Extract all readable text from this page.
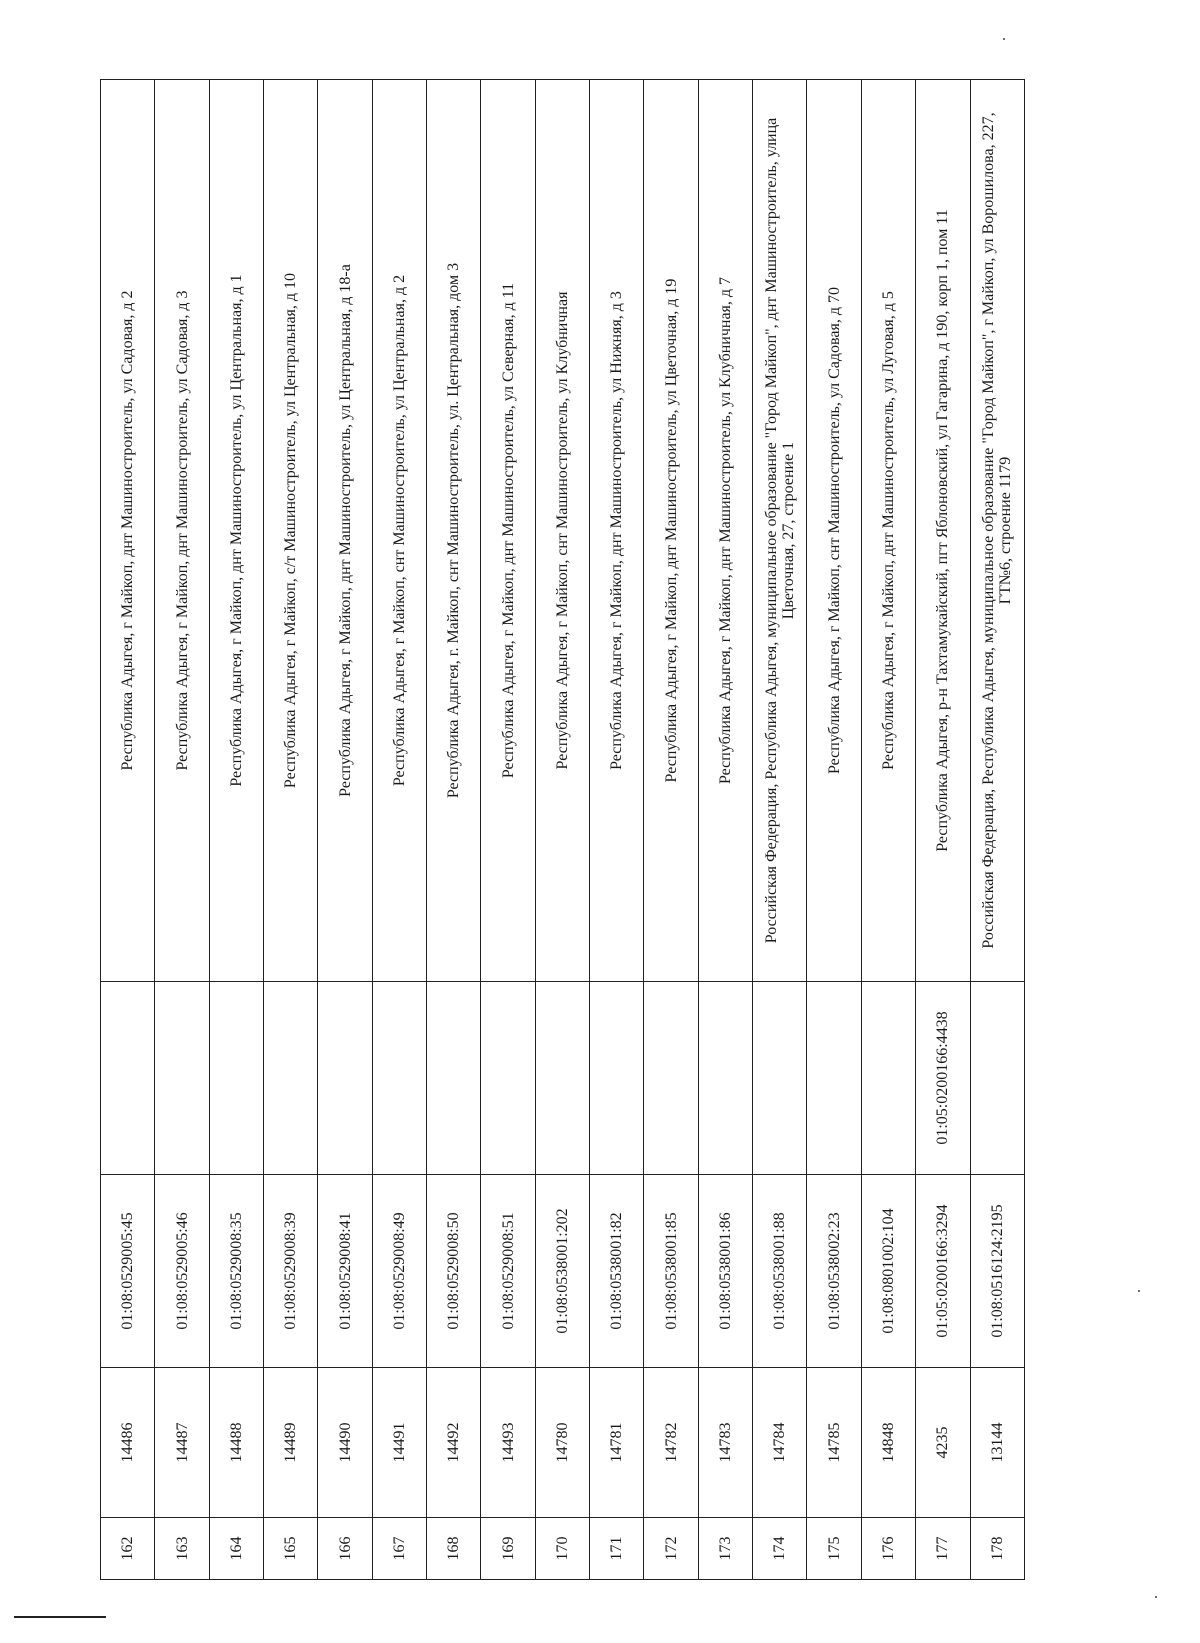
162	14486	01:08:0529005:45		Республика Адыгея, г Майкоп, днт Машиностроитель, ул Садовая, д 2
163	14487	01:08:0529005:46		Республика Адыгея, г Майкоп, днт Машиностроитель, ул Садовая, д 3
164	14488	01:08:0529008:35		Республика Адыгея, г Майкоп, днт Машиностроитель, ул Центральная, д 1
165	14489	01:08:0529008:39		Республика Адыгея, г Майкоп, с/т Машиностроитель, ул Центральная, д 10
166	14490	01:08:0529008:41		Республика Адыгея, г Майкоп, днт Машиностроитель, ул Центральная, д 18-а
167	14491	01:08:0529008:49		Республика Адыгея, г Майкоп, снт Машиностроитель, ул Центральная, д 2
168	14492	01:08:0529008:50		Республика Адыгея, г. Майкоп, снт Машиностроитель, ул. Центральная, дом 3
169	14493	01:08:0529008:51		Республика Адыгея, г Майкоп, днт Машиностроитель, ул Северная, д 11
170	14780	01:08:0538001:202		Республика Адыгея, г Майкоп, снт Машиностроитель, ул Клубничная
171	14781	01:08:0538001:82		Республика Адыгея, г Майкоп, днт Машиностроитель, ул Нижняя, д 3
172	14782	01:08:0538001:85		Республика Адыгея, г Майкоп, днт Машиностроитель, ул Цветочная, д 19
173	14783	01:08:0538001:86		Республика Адыгея, г Майкоп, днт Машиностроитель, ул Клубничная, д 7
174	14784	01:08:0538001:88		Российская Федерация, Республика Адыгея, муниципальное образование "Город Майкоп", днт Машиностроитель, улица Цветочная, 27, строение 1
175	14785	01:08:0538002:23		Республика Адыгея, г Майкоп, снт Машиностроитель, ул Садовая, д 70
176	14848	01:08:0801002:104		Республика Адыгея, г Майкоп, днт Машиностроитель, ул Луговая, д 5
177	4235	01:05:0200166:3294	01:05:0200166:4438	Республика Адыгея, р-н Тахтамукайский, пгт Яблоновский, ул Гагарина, д 190, корп 1, пом 11
178	13144	01:08:0516124:2195		Российская Федерация, Республика Адыгея, муниципальное образование "Город Майкоп", г Майкоп, ул Ворошилова, 227, ГТ№6, строение 1179
